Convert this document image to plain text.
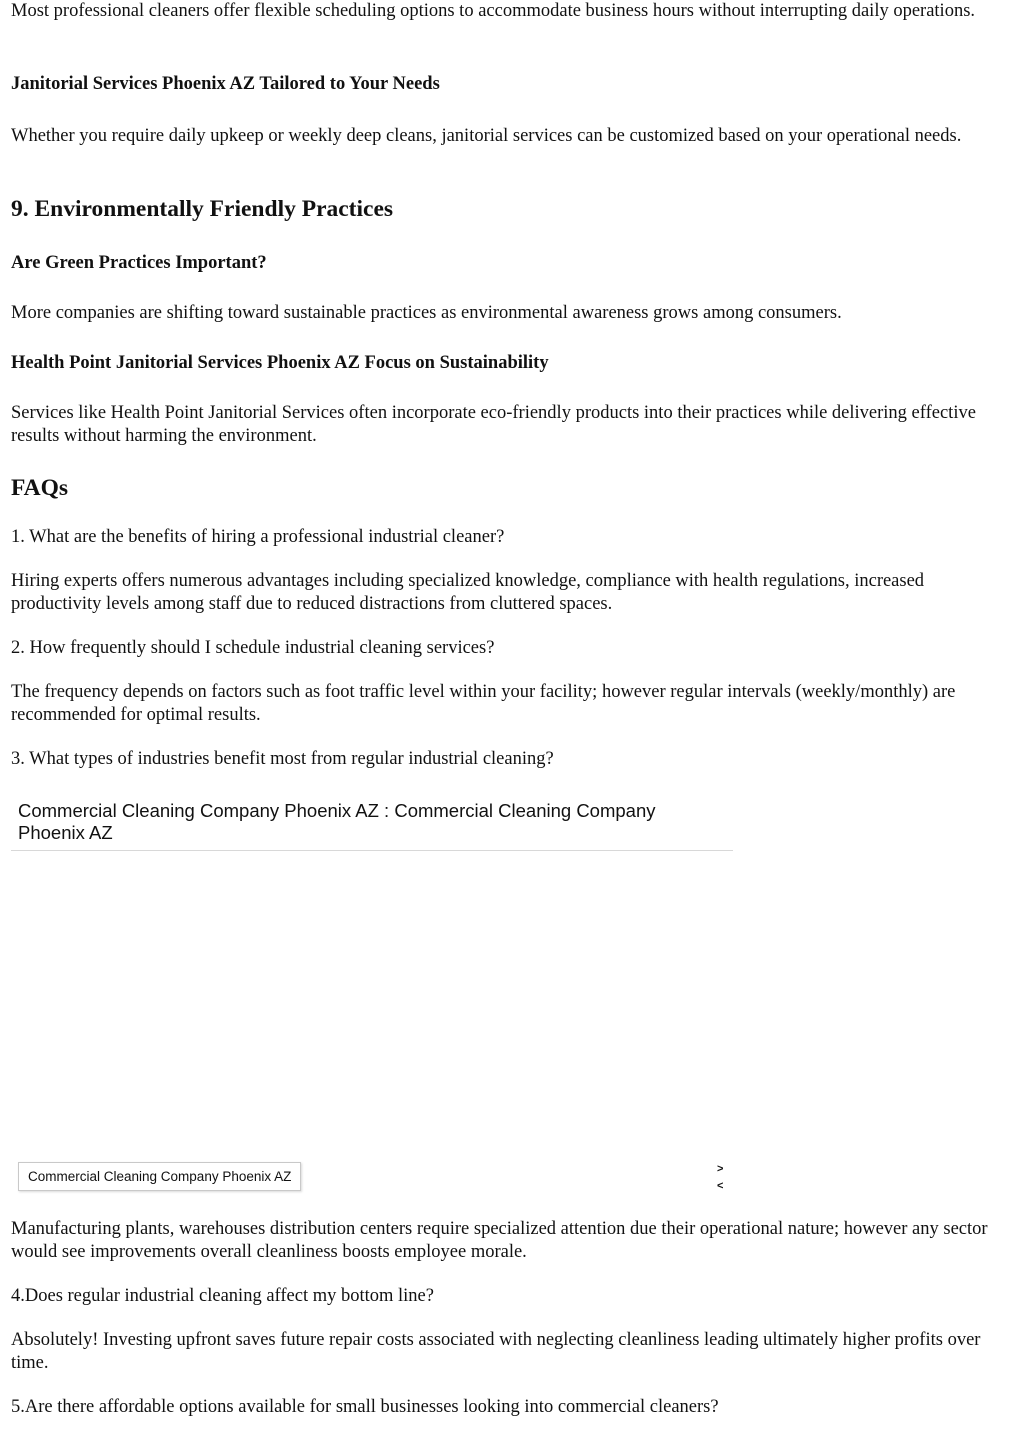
Most professional cleaners offer flexible scheduling options to accommodate business hours without interrupting daily operations.

Janitorial Services Phoenix AZ Tailored to Your Needs

Whether you require daily upkeep or weekly deep cleans, janitorial services can be customized based on your operational needs.

9. Environmentally Friendly Practices

Are Green Practices Important?

More companies are shifting toward sustainable practices as environmental awareness grows among consumers.

Health Point Janitorial Services Phoenix AZ Focus on Sustainability

Services like Health Point Janitorial Services often incorporate eco-friendly products into their practices while delivering effective results without harming the environment.

FAQs

1. What are the benefits of hiring a professional industrial cleaner?

Hiring experts offers numerous advantages including specialized knowledge, compliance with health regulations, increased productivity levels among staff due to reduced distractions from cluttered spaces.

2. How frequently should I schedule industrial cleaning services?

The frequency depends on factors such as foot traffic level within your facility; however regular intervals (weekly/monthly) are recommended for optimal results.

3. What types of industries benefit most from regular industrial cleaning?

Commercial Cleaning Company Phoenix AZ : Commercial Cleaning Company Phoenix AZ
Commercial Cleaning Company Phoenix AZ	>
<

Manufacturing plants, warehouses distribution centers require specialized attention due their operational nature; however any sector would see improvements overall cleanliness boosts employee morale.

4.Does regular industrial cleaning affect my bottom line?

Absolutely! Investing upfront saves future repair costs associated with neglecting cleanliness leading ultimately higher profits over time.

5.Are there affordable options available for small businesses looking into commercial cleaners?
